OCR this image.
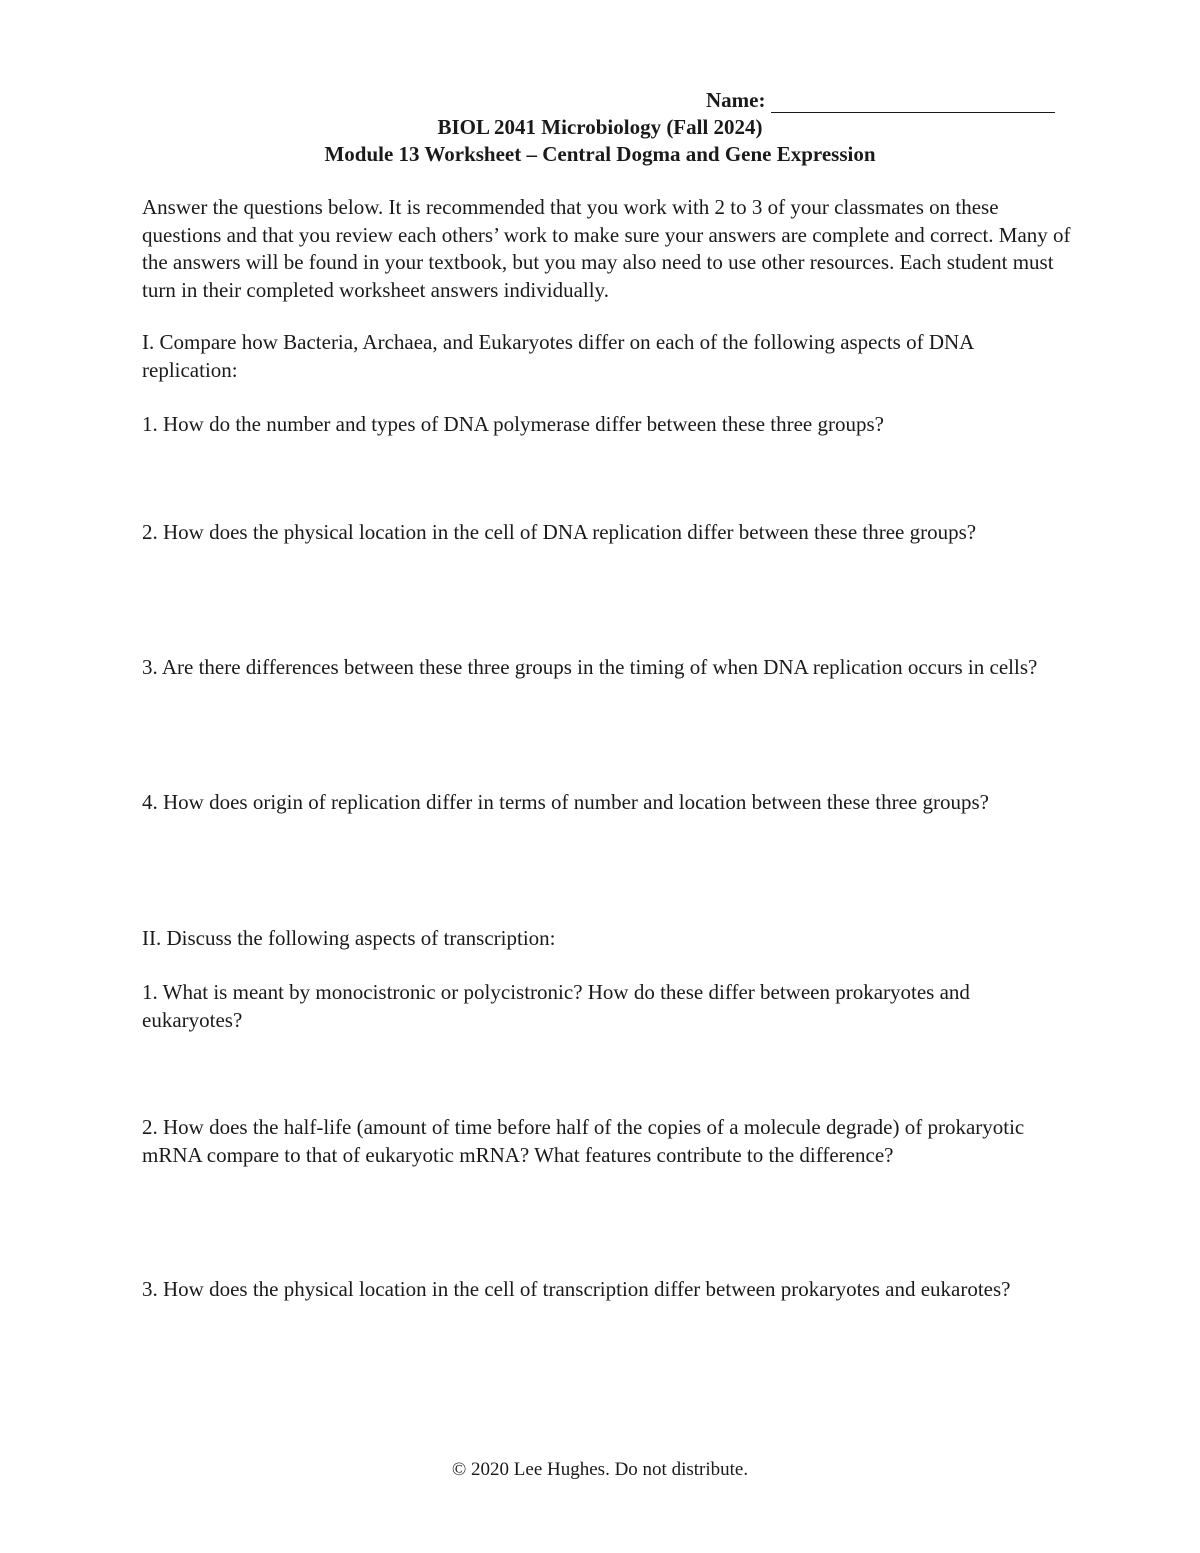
Name:
BIOL 2041 Microbiology (Fall 2024)
Module 13 Worksheet – Central Dogma and Gene Expression

Answer the questions below. It is recommended that you work with 2 to 3 of your classmates on these questions and that you review each others’ work to make sure your answers are complete and correct. Many of the answers will be found in your textbook, but you may also need to use other resources. Each student must turn in their completed worksheet answers individually.

I. Compare how Bacteria, Archaea, and Eukaryotes differ on each of the following aspects of DNA replication:

1. How do the number and types of DNA polymerase differ between these three groups?

2. How does the physical location in the cell of DNA replication differ between these three groups?

3. Are there differences between these three groups in the timing of when DNA replication occurs in cells?

4. How does origin of replication differ in terms of number and location between these three groups?

II. Discuss the following aspects of transcription:

1. What is meant by monocistronic or polycistronic? How do these differ between prokaryotes and eukaryotes?

2. How does the half-life (amount of time before half of the copies of a molecule degrade) of prokaryotic mRNA compare to that of eukaryotic mRNA? What features contribute to the difference?

3. How does the physical location in the cell of transcription differ between prokaryotes and eukarotes?

© 2020 Lee Hughes. Do not distribute.
